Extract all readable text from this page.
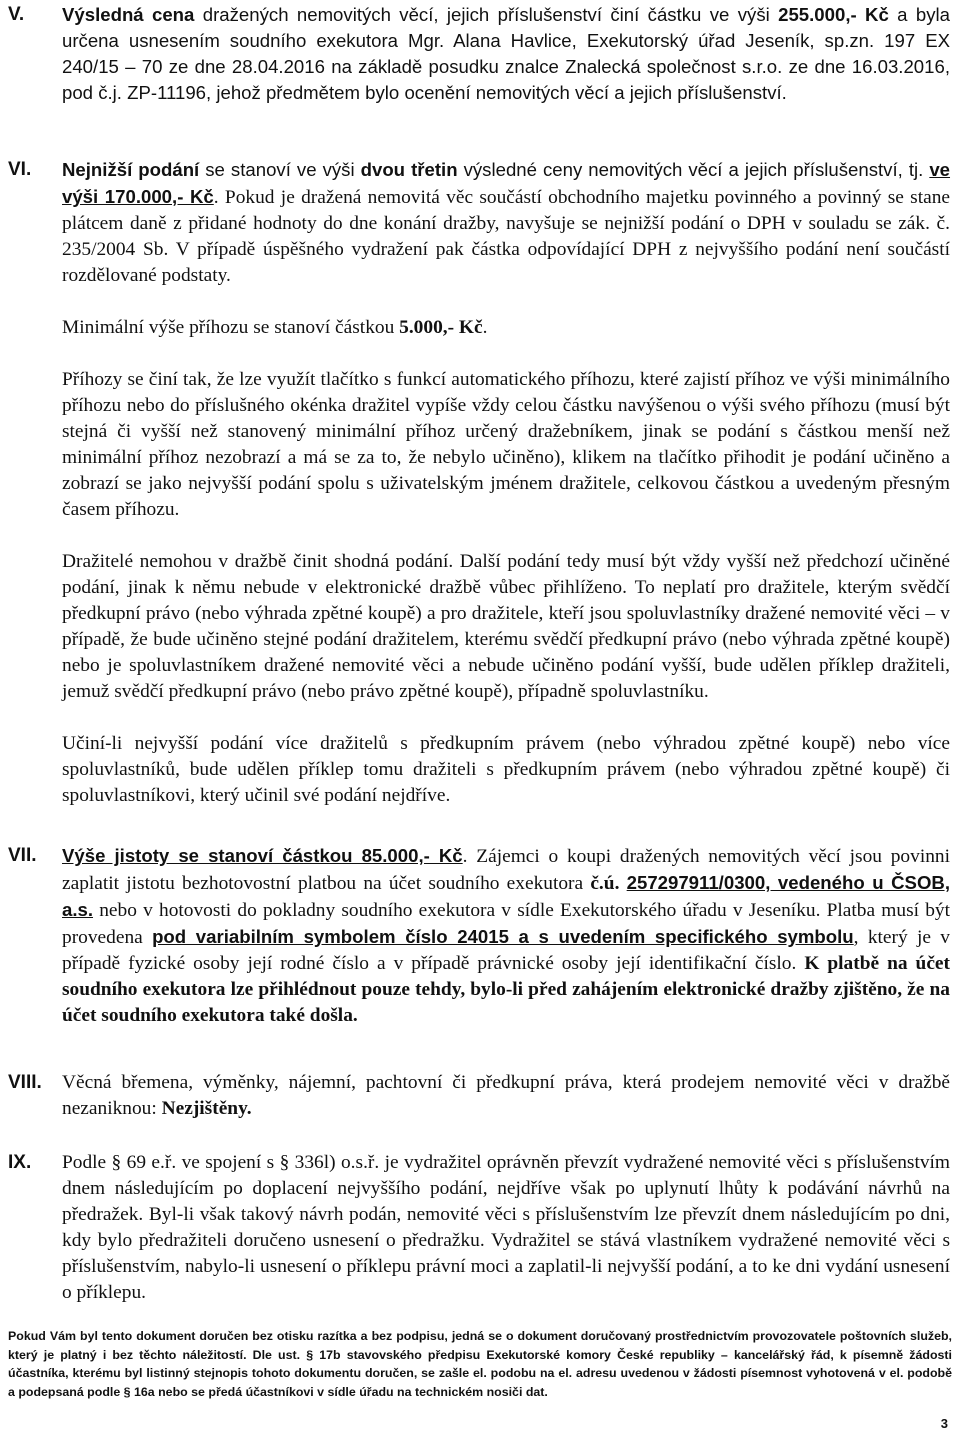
V.	Výsledná cena dražených nemovitých věcí, jejich příslušenství činí částku ve výši 255.000,- Kč a byla určena usnesením soudního exekutora Mgr. Alana Havlice, Exekutorský úřad Jeseník, sp.zn. 197 EX 240/15 – 70 ze dne 28.04.2016 na základě posudku znalce Znalecká společnost s.r.o. ze dne 16.03.2016, pod č.j. ZP-11196, jehož předmětem bylo ocenění nemovitých věcí a jejich příslušenství.

VI.	Nejnižší podání se stanoví ve výši dvou třetin výsledné ceny nemovitých věcí a jejich příslušenství, tj. ve výši 170.000,- Kč. Pokud je dražená nemovitá věc součástí obchodního majetku povinného a povinný se stane plátcem daně z přidané hodnoty do dne konání dražby, navyšuje se nejnižší podání o DPH v souladu se zák. č. 235/2004 Sb. V případě úspěšného vydražení pak částka odpovídající DPH z nejvyššího podání není součástí rozdělované podstaty.

Minimální výše příhozu se stanoví částkou 5.000,- Kč.

Příhozy se činí tak, že lze využít tlačítko s funkcí automatického příhozu, které zajistí příhoz ve výši minimálního příhozu nebo do příslušného okénka dražitel vypíše vždy celou částku navýšenou o výši svého příhozu (musí být stejná či vyšší než stanovený minimální příhoz určený dražebníkem, jinak se podání s částkou menší než minimální příhoz nezobrazí a má se za to, že nebylo učiněno), klikem na tlačítko přihodit je podání učiněno a zobrazí se jako nejvyšší podání spolu s uživatelským jménem dražitele, celkovou částkou a uvedeným přesným časem příhozu.

Dražitelé nemohou v dražbě činit shodná podání. Další podání tedy musí být vždy vyšší než předchozí učiněné podání, jinak k němu nebude v elektronické dražbě vůbec přihlíženo. To neplatí pro dražitele, kterým svědčí předkupní právo (nebo výhrada zpětné koupě) a pro dražitele, kteří jsou spoluvlastníky dražené nemovité věci – v případě, že bude učiněno stejné podání dražitelem, kterému svědčí předkupní právo (nebo výhrada zpětné koupě) nebo je spoluvlastníkem dražené nemovité věci a nebude učiněno podání vyšší, bude udělen příklep dražiteli, jemuž svědčí předkupní právo (nebo právo zpětné koupě), případně spoluvlastníku.

Učiní-li nejvyšší podání více dražitelů s předkupním právem (nebo výhradou zpětné koupě) nebo více spoluvlastníků, bude udělen příklep tomu dražiteli s předkupním právem (nebo výhradou zpětné koupě) či spoluvlastníkovi, který učinil své podání nejdříve.

VII.	Výše jistoty se stanoví částkou 85.000,- Kč. Zájemci o koupi dražených nemovitých věcí jsou povinni zaplatit jistotu bezhotovostní platbou na účet soudního exekutora č.ú. 257297911/0300, vedeného u ČSOB, a.s. nebo v hotovosti do pokladny soudního exekutora v sídle Exekutorského úřadu v Jeseníku. Platba musí být provedena pod variabilním symbolem číslo 24015 a s uvedením specifického symbolu, který je v případě fyzické osoby její rodné číslo a v případě právnické osoby její identifikační číslo. K platbě na účet soudního exekutora lze přihlédnout pouze tehdy, bylo-li před zahájením elektronické dražby zjištěno, že na účet soudního exekutora také došla.

VIII.	Věcná břemena, výměnky, nájemní, pachtovní či předkupní práva, která prodejem nemovité věci v dražbě nezaniknou: Nezjištěny.

IX.	Podle § 69 e.ř. ve spojení s § 336l) o.s.ř. je vydražitel oprávněn převzít vydražené nemovité věci s příslušenstvím dnem následujícím po doplacení nejvyššího podání, nejdříve však po uplynutí lhůty k podávání návrhů na předražek. Byl-li však takový návrh podán, nemovité věci s příslušenstvím lze převzít dnem následujícím po dni, kdy bylo předražiteli doručeno usnesení o předražku. Vydražitel se stává vlastníkem vydražené nemovité věci s příslušenstvím, nabylo-li usnesení o příklepu právní moci a zaplatil-li nejvyšší podání, a to ke dni vydání usnesení o příklepu.

Pokud Vám byl tento dokument doručen bez otisku razítka a bez podpisu, jedná se o dokument doručovaný prostřednictvím provozovatele poštovních služeb, který je platný i bez těchto náležitostí. Dle ust. § 17b stavovského předpisu Exekutorské komory České republiky – kancelářský řád, k písemně žádosti účastníka, kterému byl listinný stejnopis tohoto dokumentu doručen, se zašle el. podobu na el. adresu uvedenou v žádosti písemnost vyhotovená v el. podobě a podepsaná podle § 16a nebo se předá účastníkovi v sídle úřadu na technickém nosiči dat.
3
